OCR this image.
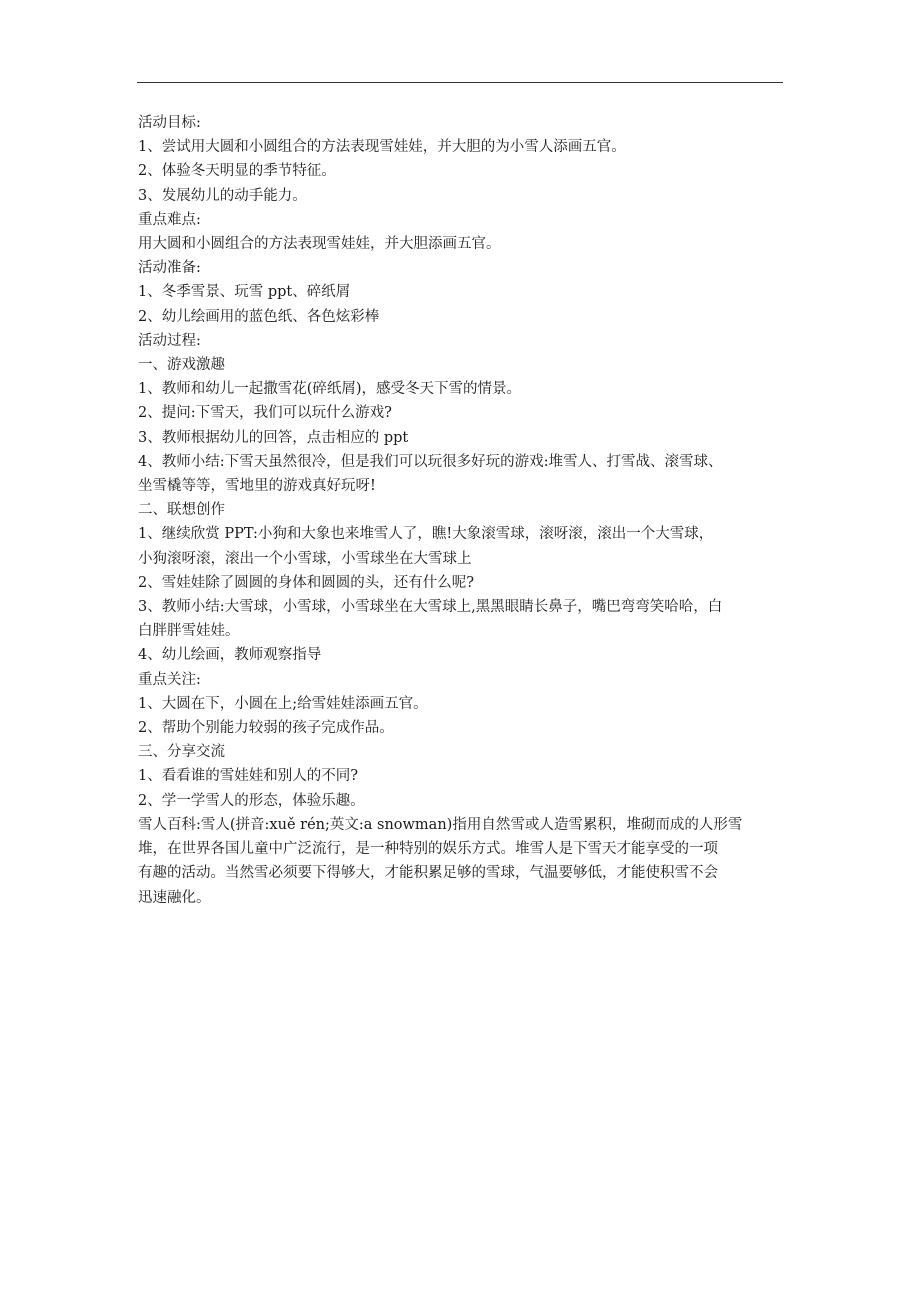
活动目标:
1、尝试用大圆和小圆组合的方法表现雪娃娃，并大胆的为小雪人添画五官。
2、体验冬天明显的季节特征。
3、发展幼儿的动手能力。
重点难点:
用大圆和小圆组合的方法表现雪娃娃，并大胆添画五官。
活动准备:
1、冬季雪景、玩雪 ppt、碎纸屑
2、幼儿绘画用的蓝色纸、各色炫彩棒
活动过程:
一、游戏激趣
1、教师和幼儿一起撒雪花(碎纸屑)，感受冬天下雪的情景。
2、提问:下雪天，我们可以玩什么游戏?
3、教师根据幼儿的回答，点击相应的 ppt
4、教师小结:下雪天虽然很冷，但是我们可以玩很多好玩的游戏:堆雪人、打雪战、滚雪球、
坐雪橇等等，雪地里的游戏真好玩呀!
二、联想创作
1、继续欣赏 PPT:小狗和大象也来堆雪人了，瞧!大象滚雪球，滚呀滚，滚出一个大雪球，
小狗滚呀滚，滚出一个小雪球，小雪球坐在大雪球上
2、雪娃娃除了圆圆的身体和圆圆的头，还有什么呢?
3、教师小结:大雪球，小雪球，小雪球坐在大雪球上,黑黑眼睛长鼻子，嘴巴弯弯笑哈哈，白
白胖胖雪娃娃。
4、幼儿绘画，教师观察指导
重点关注:
1、大圆在下，小圆在上;给雪娃娃添画五官。
2、帮助个别能力较弱的孩子完成作品。
三、分享交流
1、看看谁的雪娃娃和别人的不同?
2、学一学雪人的形态，体验乐趣。
雪人百科:雪人(拼音:xuě rén;英文:a snowman)指用自然雪或人造雪累积，堆砌而成的人形雪
堆，在世界各国儿童中广泛流行，是一种特别的娱乐方式。堆雪人是下雪天才能享受的一项
有趣的活动。当然雪必须要下得够大，才能积累足够的雪球，气温要够低，才能使积雪不会
迅速融化。
